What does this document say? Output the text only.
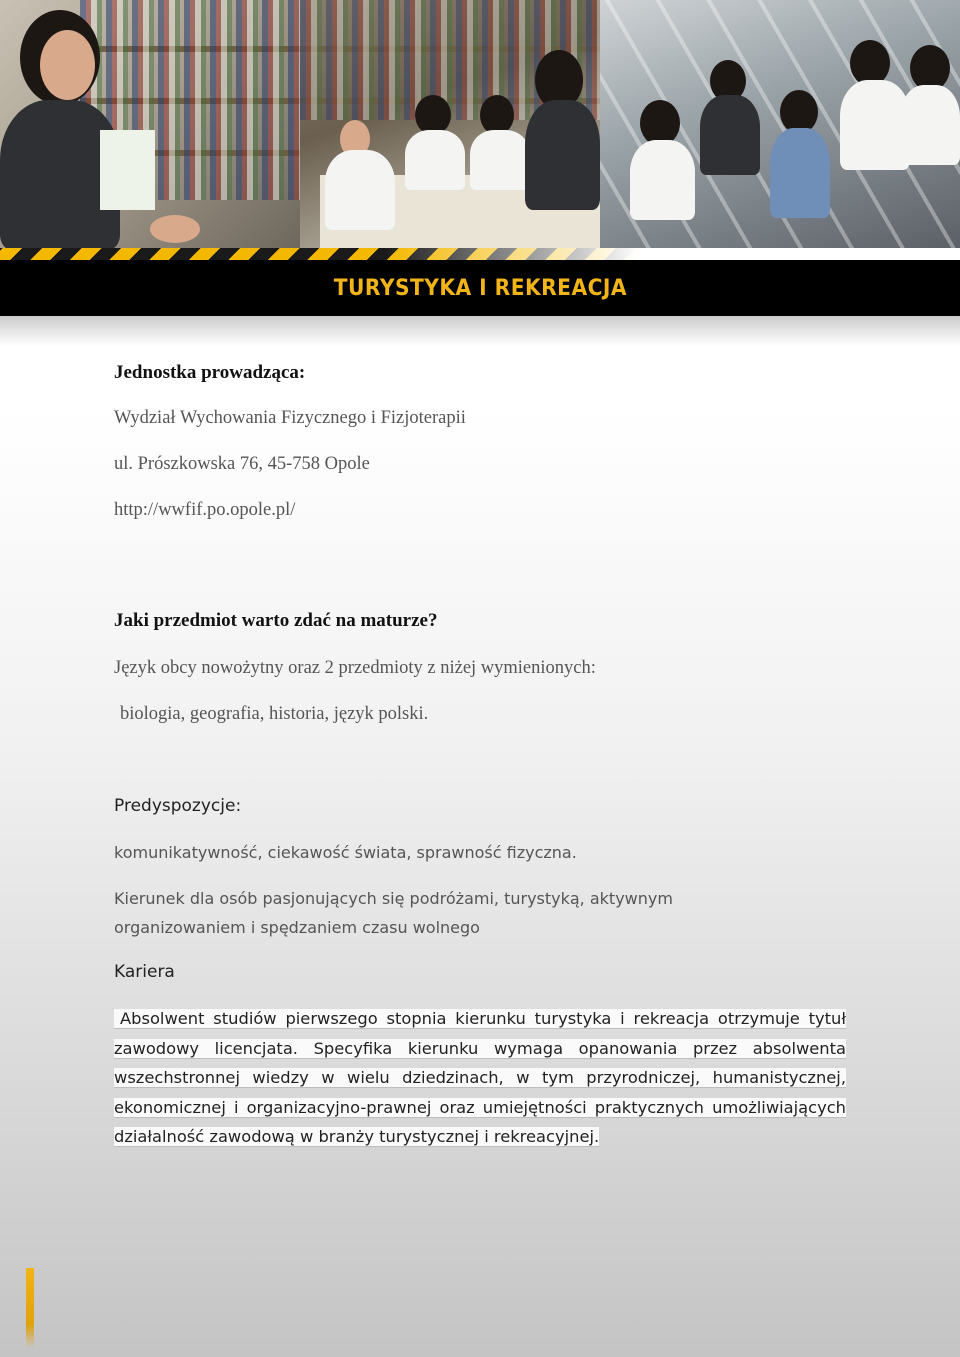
TURYSTYKA I REKREACJA
Jednostka prowadząca:
Wydział Wychowania Fizycznego i Fizjoterapii
ul. Prószkowska 76, 45-758 Opole
http://wwfif.po.opole.pl/
Jaki przedmiot warto zdać na maturze?
Język obcy nowożytny oraz 2 przedmioty z niżej wymienionych:
biologia, geografia, historia, język polski.
Predyspozycje:
komunikatywność, ciekawość świata, sprawność fizyczna.
Kierunek dla osób pasjonujących się podróżami, turystyką, aktywnym
organizowaniem i spędzaniem czasu wolnego
Kariera
Absolwent studiów pierwszego stopnia kierunku turystyka i rekreacja otrzymuje tytuł zawodowy licencjata. Specyfika kierunku wymaga opanowania przez absolwenta wszechstronnej wiedzy w wielu dziedzinach, w tym przyrodniczej, humanistycznej, ekonomicznej i organizacyjno-prawnej oraz umiejętności praktycznych umożliwiających działalność zawodową w branży turystycznej i rekreacyjnej.
